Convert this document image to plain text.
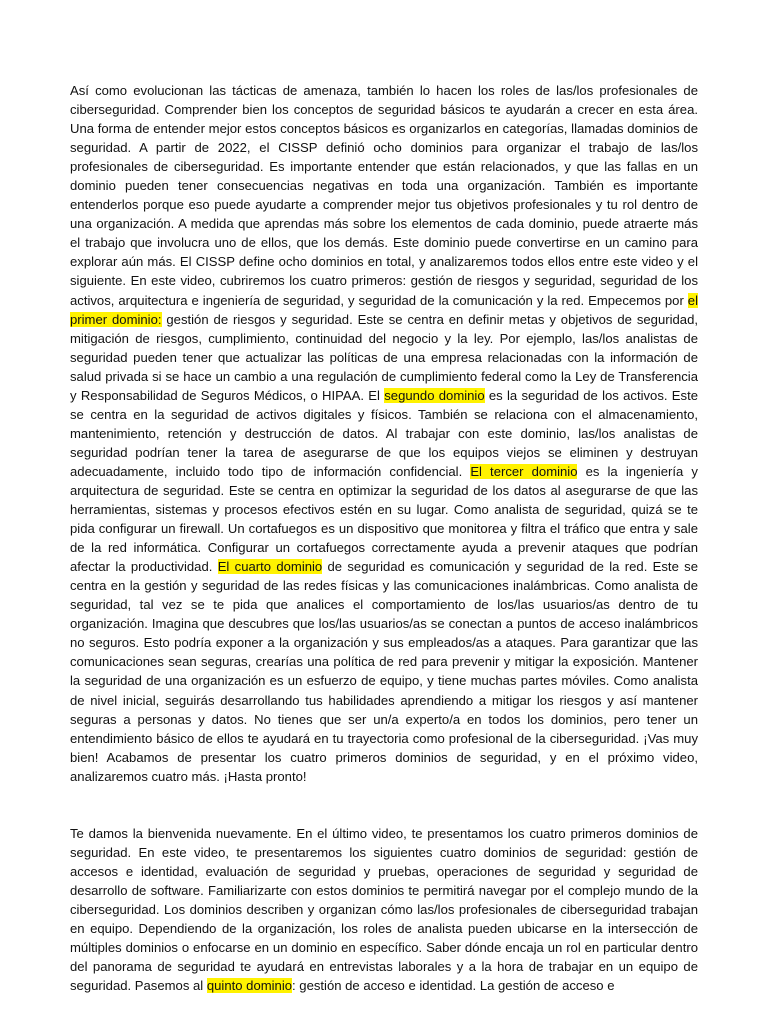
Así como evolucionan las tácticas de amenaza, también lo hacen los roles de las/los profesionales de ciberseguridad. Comprender bien los conceptos de seguridad básicos te ayudarán a crecer en esta área. Una forma de entender mejor estos conceptos básicos es organizarlos en categorías, llamadas dominios de seguridad. A partir de 2022, el CISSP definió ocho dominios para organizar el trabajo de las/los profesionales de ciberseguridad. Es importante entender que están relacionados, y que las fallas en un dominio pueden tener consecuencias negativas en toda una organización. También es importante entenderlos porque eso puede ayudarte a comprender mejor tus objetivos profesionales y tu rol dentro de una organización. A medida que aprendas más sobre los elementos de cada dominio, puede atraerte más el trabajo que involucra uno de ellos, que los demás. Este dominio puede convertirse en un camino para explorar aún más. El CISSP define ocho dominios en total, y analizaremos todos ellos entre este video y el siguiente. En este video, cubriremos los cuatro primeros: gestión de riesgos y seguridad, seguridad de los activos, arquitectura e ingeniería de seguridad, y seguridad de la comunicación y la red. Empecemos por el primer dominio: gestión de riesgos y seguridad. Este se centra en definir metas y objetivos de seguridad, mitigación de riesgos, cumplimiento, continuidad del negocio y la ley. Por ejemplo, las/los analistas de seguridad pueden tener que actualizar las políticas de una empresa relacionadas con la información de salud privada si se hace un cambio a una regulación de cumplimiento federal como la Ley de Transferencia y Responsabilidad de Seguros Médicos, o HIPAA. El segundo dominio es la seguridad de los activos. Este se centra en la seguridad de activos digitales y físicos. También se relaciona con el almacenamiento, mantenimiento, retención y destrucción de datos. Al trabajar con este dominio, las/los analistas de seguridad podrían tener la tarea de asegurarse de que los equipos viejos se eliminen y destruyan adecuadamente, incluido todo tipo de información confidencial. El tercer dominio es la ingeniería y arquitectura de seguridad. Este se centra en optimizar la seguridad de los datos al asegurarse de que las herramientas, sistemas y procesos efectivos estén en su lugar. Como analista de seguridad, quizá se te pida configurar un firewall. Un cortafuegos es un dispositivo que monitorea y filtra el tráfico que entra y sale de la red informática. Configurar un cortafuegos correctamente ayuda a prevenir ataques que podrían afectar la productividad. El cuarto dominio de seguridad es comunicación y seguridad de la red. Este se centra en la gestión y seguridad de las redes físicas y las comunicaciones inalámbricas. Como analista de seguridad, tal vez se te pida que analices el comportamiento de los/las usuarios/as dentro de tu organización. Imagina que descubres que los/las usuarios/as se conectan a puntos de acceso inalámbricos no seguros. Esto podría exponer a la organización y sus empleados/as a ataques. Para garantizar que las comunicaciones sean seguras, crearías una política de red para prevenir y mitigar la exposición. Mantener la seguridad de una organización es un esfuerzo de equipo, y tiene muchas partes móviles. Como analista de nivel inicial, seguirás desarrollando tus habilidades aprendiendo a mitigar los riesgos y así mantener seguras a personas y datos. No tienes que ser un/a experto/a en todos los dominios, pero tener un entendimiento básico de ellos te ayudará en tu trayectoria como profesional de la ciberseguridad. ¡Vas muy bien! Acabamos de presentar los cuatro primeros dominios de seguridad, y en el próximo video, analizaremos cuatro más. ¡Hasta pronto!

Te damos la bienvenida nuevamente. En el último video, te presentamos los cuatro primeros dominios de seguridad. En este video, te presentaremos los siguientes cuatro dominios de seguridad: gestión de accesos e identidad, evaluación de seguridad y pruebas, operaciones de seguridad y seguridad de desarrollo de software. Familiarizarte con estos dominios te permitirá navegar por el complejo mundo de la ciberseguridad. Los dominios describen y organizan cómo las/los profesionales de ciberseguridad trabajan en equipo. Dependiendo de la organización, los roles de analista pueden ubicarse en la intersección de múltiples dominios o enfocarse en un dominio en específico. Saber dónde encaja un rol en particular dentro del panorama de seguridad te ayudará en entrevistas laborales y a la hora de trabajar en un equipo de seguridad. Pasemos al quinto dominio: gestión de acceso e identidad. La gestión de acceso e
